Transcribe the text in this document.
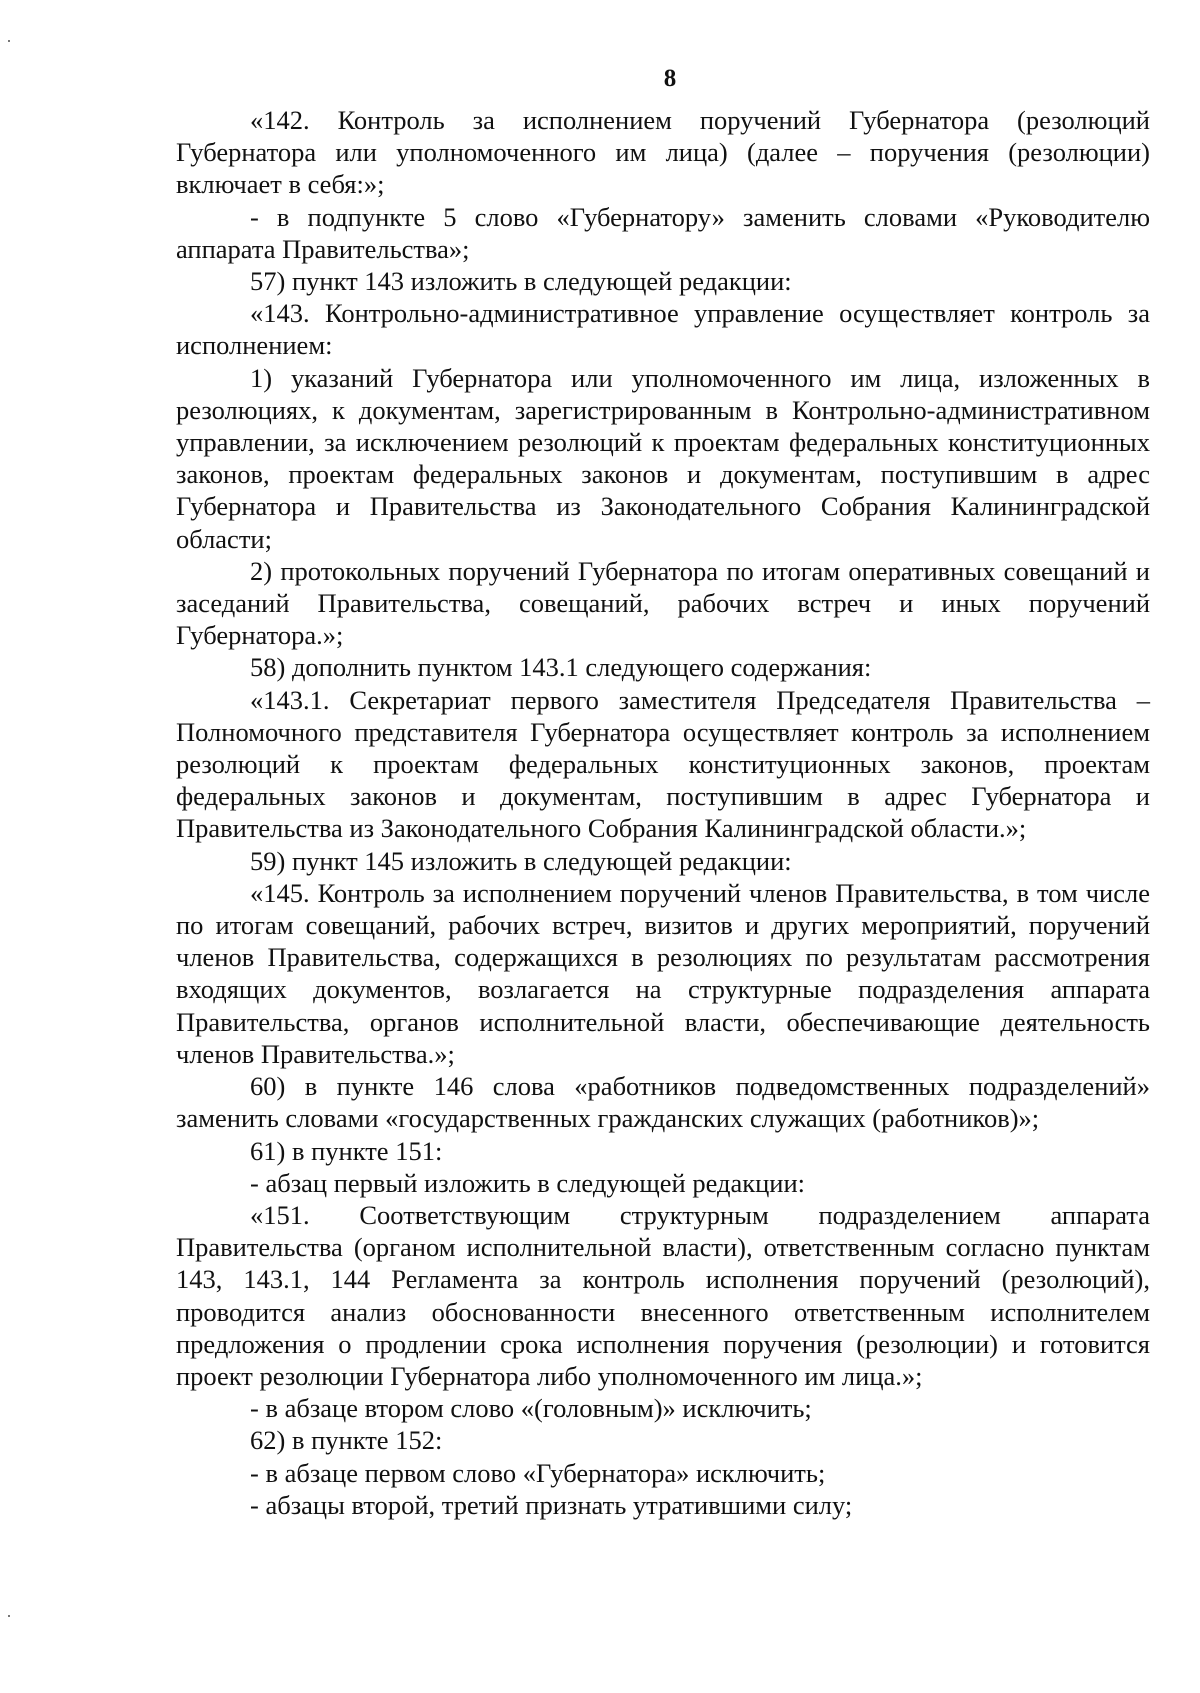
8

«142. Контроль за исполнением поручений Губернатора (резолюций Губернатора или уполномоченного им лица) (далее – поручения (резолюции) включает в себя:»;

- в подпункте 5 слово «Губернатору» заменить словами «Руководителю аппарата Правительства»;

57) пункт 143 изложить в следующей редакции:

«143. Контрольно-административное управление осуществляет контроль за исполнением:

1) указаний Губернатора или уполномоченного им лица, изложенных в резолюциях, к документам, зарегистрированным в Контрольно-административном управлении, за исключением резолюций к проектам федеральных конституционных законов, проектам федеральных законов и документам, поступившим в адрес Губернатора и Правительства из Законодательного Собрания Калининградской области;

2) протокольных поручений Губернатора по итогам оперативных совещаний и заседаний Правительства, совещаний, рабочих встреч и иных поручений Губернатора.»;

58) дополнить пунктом 143.1 следующего содержания:

«143.1. Секретариат первого заместителя Председателя Правительства – Полномочного представителя Губернатора осуществляет контроль за исполнением резолюций к проектам федеральных конституционных законов, проектам федеральных законов и документам, поступившим в адрес Губернатора и Правительства из Законодательного Собрания Калининградской области.»;

59) пункт 145 изложить в следующей редакции:

«145. Контроль за исполнением поручений членов Правительства, в том числе по итогам совещаний, рабочих встреч, визитов и других мероприятий, поручений членов Правительства, содержащихся в резолюциях по результатам рассмотрения входящих документов, возлагается на структурные подразделения аппарата Правительства, органов исполнительной власти, обеспечивающие деятельность членов Правительства.»;

60) в пункте 146 слова «работников подведомственных подразделений» заменить словами «государственных гражданских служащих (работников)»;

61) в пункте 151:

- абзац первый изложить в следующей редакции:

«151. Соответствующим структурным подразделением аппарата Правительства (органом исполнительной власти), ответственным согласно пунктам 143, 143.1, 144 Регламента за контроль исполнения поручений (резолюций), проводится анализ обоснованности внесенного ответственным исполнителем предложения о продлении срока исполнения поручения (резолюции) и готовится проект резолюции Губернатора либо уполномоченного им лица.»;

- в абзаце втором слово «(головным)» исключить;

62) в пункте 152:

- в абзаце первом слово «Губернатора» исключить;

- абзацы второй, третий признать утратившими силу;
